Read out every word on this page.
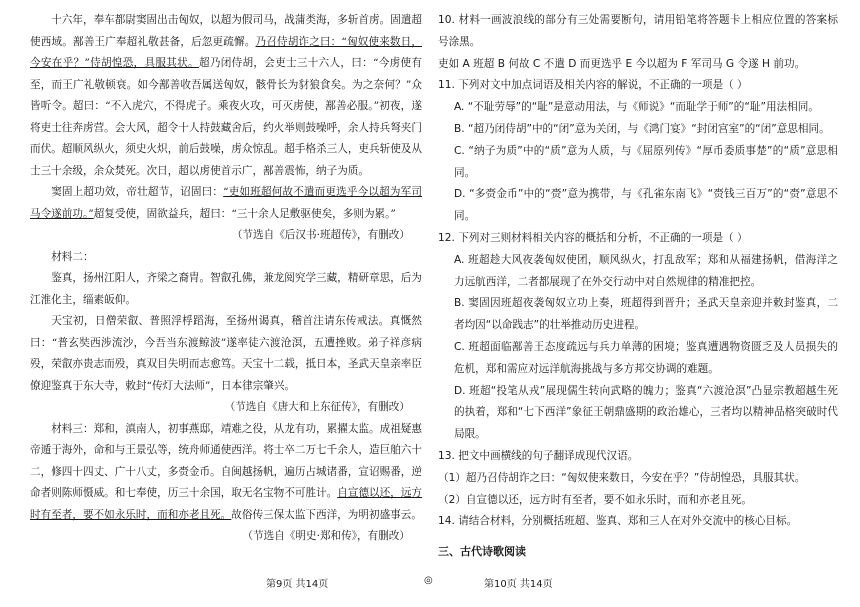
十六年，奉车都尉窦固出击匈奴，以超为假司马，战蒲类海，多斩首虏。固遣超使西域。鄯善王广奉超礼敬甚备，后忽更疏懈。乃召侍胡诈之曰：“匈奴使来数日，今安在乎？”侍胡惶恐，具服其状。超乃闭侍胡，会吏士三十六人，曰：“今虏使有至，而王广礼敬顿衰。如今鄯善收吾属送匈奴，骸骨长为豺狼食矣。为之奈何？”众皆听令。超曰：“不入虎穴，不得虎子。乘夜火攻，可灭虏使，鄯善必服。”初夜，遂将吏士往奔虏营。会大风，超令十人持鼓藏舍后，约火举则鼓噪呼，余人持兵弩夹门而伏。超顺风纵火，须史火炽，前后鼓噪，虏众惊乱。超手格杀三人，吏兵斩使及从士三十余级，余众焚死。次日，超以虏使首示广，鄯善震怖，纳子为质。

窦固上超功效，帝壮超节，诏固曰：“吏如班超何故不遣而更选乎今以超为军司马令遂前功。”超复受使，固欲益兵，超曰：“三十余人足敷驱使矣，多则为累。”

（节选自《后汉书·班超传》，有删改）

材料二：

鉴真，扬州江阳人，齐梁之裔胄。智叡孔佛，兼龙阅究学三藏，精研章思，后为江淮化主，缁素皈仰。

天宝初，日僧荣叡、普照浮桴蹈海，至扬州谒真，稽首注请东传戒法。真慨然曰：“普玄奘西涉流沙，今吾当东渡鲸波”遂率徒六渡沧溟，五遭挫败。弟子祥彦病殁，荣叡亦贵志而殁，真双目失明而志愈笃。天宝十二载，抵日本，圣武天皇亲率臣僚迎鉴真于东大寺，敕封“传灯大法师”，日本律宗肇兴。

（节选自《唐大和上东征传》，有删改）

材料三：郑和，滇南人，初事燕邸，靖难之役，从龙有功，累擢太监。成祖疑惠帝遁于海外，命和与王景弘等，统舟师通使西洋。将士卒二万七千余人，造巨舶六十二，修四十四丈、广十八丈，多赍金币。自闽越扬帆，遍历占城诸番，宣诏赐番，逆命者则陈师慑威。和七奉使，历三十余国，取无名宝物不可胜计。自宣德以还，远方时有至者，要不如永乐时，而和亦老且死。故俗传三保太监下西洋，为明初盛事云。

（节选自《明史·郑和传》，有删改）

10. 材料一画波浪线的部分有三处需要断句，请用铅笔将答题卡上相应位置的答案标号涂黑。

吏如 A 班超 B 何故 C 不遣 D 而更选乎 E 今以超为 F 军司马 G 令遂 H 前功。

11. 下列对文中加点词语及相关内容的解说，不正确的一项是（ ）

A. “不耻劳辱”的“耻”是意动用法，与《师说》“而耻学于师”的“耻”用法相同。

B. “超乃闭侍胡”中的“闭”意为关闭，与《鸿门宴》“封闭宫室”的“闭”意思相同。

C. “纳子为质”中的“质”意为人质，与《屈原列传》“厚币委质事楚”的“质”意思相同。

D. “多赍金币”中的“赍”意为携带，与《孔雀东南飞》“赍钱三百万”的“赍”意思不同。

12. 下列对三则材料相关内容的概括和分析，不正确的一项是（ ）

A. 班超趁大风夜袭匈奴使团，顺风纵火，打乱敌军；郑和从福建扬帆，借海洋之力远航西洋，二者都展现了在外交行动中对自然规律的精准把控。

B. 窦固因班超夜袭匈奴立功上奏，班超得到晋升；圣武天皇亲迎并敕封鉴真，二者均因“以命践志”的壮举推动历史进程。

C. 班超面临鄯善王态度疏远与兵力单薄的困境；鉴真遭遇物资匮乏及人员损失的危机，郑和需应对远洋航海挑战与多方邦交协调的难题。

D. 班超“投笔从戎”展现儒生转向武略的魄力；鉴真“六渡沧溟”凸显宗教超越生死的执着，郑和“七下西洋”象征王朝鼎盛期的政治雄心，三者均以精神品格突破时代局限。

13. 把文中画横线的句子翻译成现代汉语。

（1）超乃召侍胡诈之曰：“匈奴使来数日，今安在乎？”侍胡惶恐，具服其状。

（2）自宣德以还，远方时有至者，要不如永乐时，而和亦老且死。

14. 请结合材料，分别概括班超、鉴真、郑和三人在对外交流中的核心目标。

三、古代诗歌阅读
第9页 共14页	◎	第10页 共14页
